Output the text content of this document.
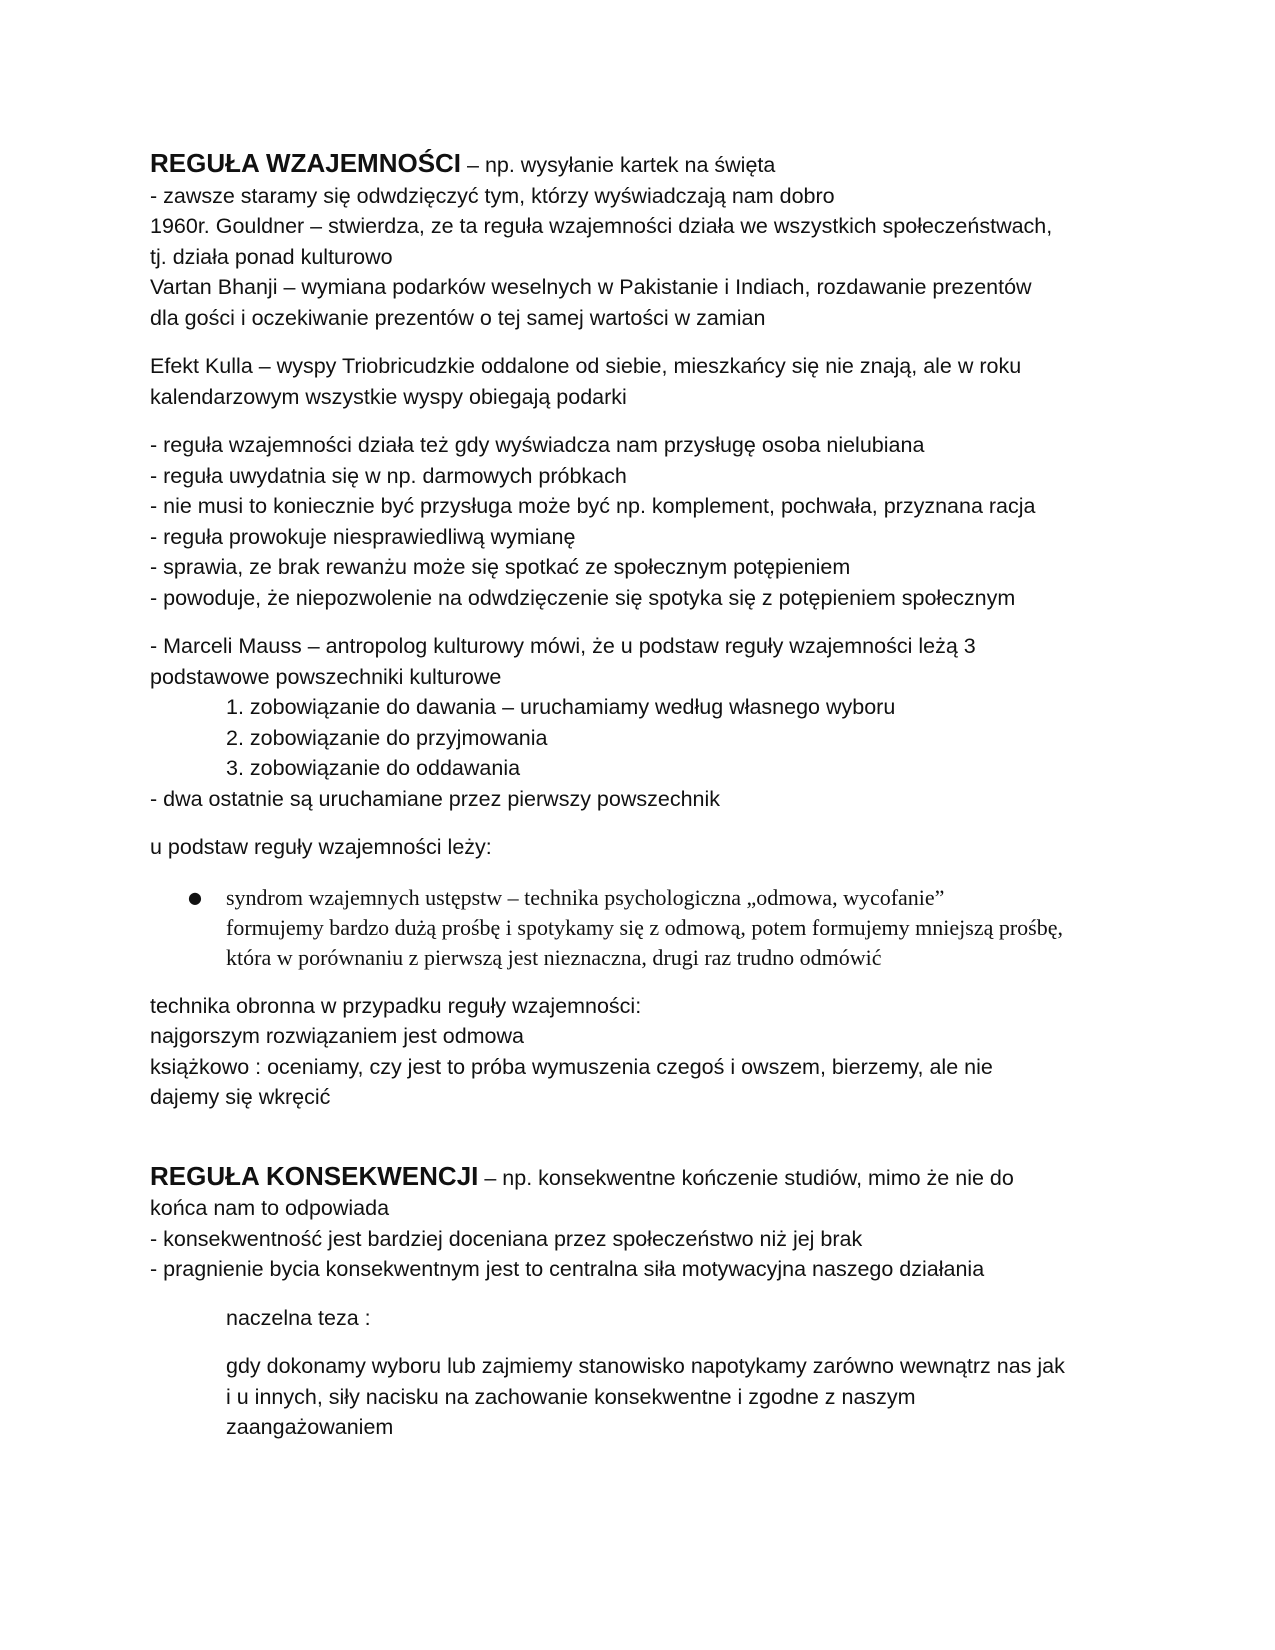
REGUŁA WZAJEMNOŚCI – np. wysyłanie kartek na święta

- zawsze staramy się odwdzięczyć tym, którzy wyświadczają nam dobro

1960r. Gouldner – stwierdza, ze ta reguła wzajemności działa we wszystkich społeczeństwach,

tj. działa ponad kulturowo

Vartan Bhanji – wymiana podarków weselnych w Pakistanie i Indiach, rozdawanie prezentów

dla gości i oczekiwanie prezentów o tej samej wartości w zamian

Efekt Kulla – wyspy Triobricudzkie oddalone od siebie, mieszkańcy się nie znają, ale w roku

kalendarzowym wszystkie wyspy obiegają podarki

- reguła wzajemności działa też gdy wyświadcza nam przysługę osoba nielubiana

- reguła uwydatnia się w np. darmowych próbkach

- nie musi to koniecznie być przysługa może być np. komplement, pochwała, przyznana racja

- reguła prowokuje niesprawiedliwą wymianę

- sprawia, ze brak rewanżu może się spotkać ze społecznym potępieniem

- powoduje, że niepozwolenie na odwdzięczenie się spotyka się z potępieniem społecznym

- Marceli Mauss – antropolog kulturowy mówi, że u podstaw reguły wzajemności leżą 3

podstawowe powszechniki kulturowe

1. zobowiązanie do dawania – uruchamiamy według własnego wyboru

2. zobowiązanie do przyjmowania

3. zobowiązanie do oddawania

- dwa ostatnie są uruchamiane przez pierwszy powszechnik

u podstaw reguły wzajemności leży:

● syndrom wzajemnych ustępstw – technika psychologiczna „odmowa, wycofanie”

formujemy bardzo dużą prośbę i spotykamy się z odmową, potem formujemy mniejszą prośbę,

która w porównaniu z pierwszą jest nieznaczna, drugi raz trudno odmówić

technika obronna w przypadku reguły wzajemności:

najgorszym rozwiązaniem jest odmowa

książkowo : oceniamy, czy jest to próba wymuszenia czegoś i owszem, bierzemy, ale nie

dajemy się wkręcić

REGUŁA KONSEKWENCJI – np. konsekwentne kończenie studiów, mimo że nie do

końca nam to odpowiada

- konsekwentność jest bardziej doceniana przez społeczeństwo niż jej brak

- pragnienie bycia konsekwentnym jest to centralna siła motywacyjna naszego działania

naczelna teza :

gdy dokonamy wyboru lub zajmiemy stanowisko napotykamy zarówno wewnątrz nas jak

i u innych, siły nacisku na zachowanie konsekwentne i zgodne z naszym

zaangażowaniem
